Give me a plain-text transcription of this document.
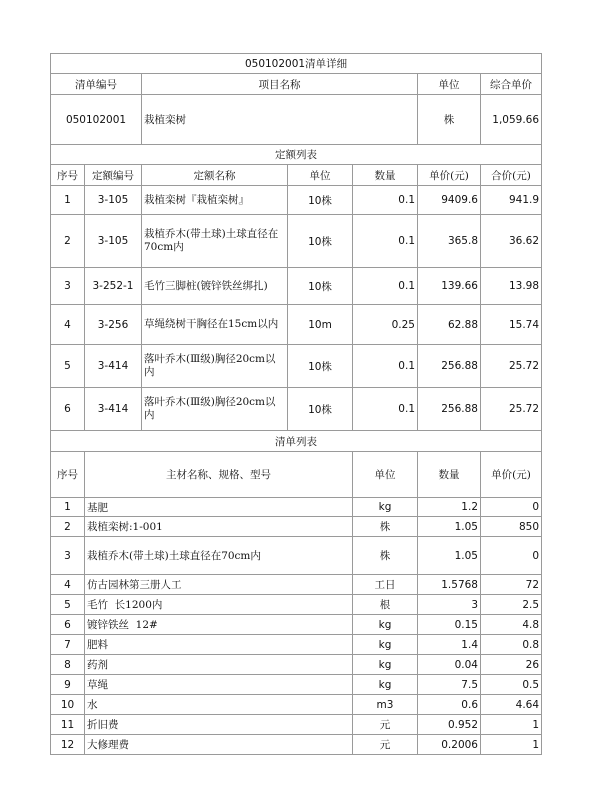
050102001清单详细							
清单编号		项目名称			单位	综合单价	
050102001		栽植栾树			株	1,059.66	
定额列表							
序号	定额编号	定额名称	单位	数量	单价(元)	合价(元)	
1	3-105	栽植栾树『栽植栾树』	10株	0.1	9409.6	941.9	
2	3-105	栽植乔木(带土球)土球直径在70cm内	10株	0.1	365.8	36.62	
3	3-252-1	毛竹三脚桩(镀锌铁丝绑扎)	10株	0.1	139.66	13.98	
4	3-256	草绳绕树干胸径在15cm以内	10m	0.25	62.88	15.74	
5	3-414	落叶乔木(Ⅲ级)胸径20cm以内	10株	0.1	256.88	25.72	
6	3-414	落叶乔木(Ⅲ级)胸径20cm以内	10株	0.1	256.88	25.72	
清单列表							
序号	主材名称、规格、型号			单位	数量	单价(元)	
1	基肥			kg	1.2	0	
2	栽植栾树:1-001			株	1.05	850	
3	栽植乔木(带土球)土球直径在70cm内			株	1.05	0	
4	仿古园林第三册人工			工日	1.5768	72	
5	毛竹  长1200内			根	3	2.5	
6	镀锌铁丝  12#			kg	0.15	4.8	
7	肥料			kg	1.4	0.8	
8	药剂			kg	0.04	26	
9	草绳			kg	7.5	0.5	
10	水			m3	0.6	4.64	
11	折旧费			元	0.952	1	
12	大修理费			元	0.2006	1	
